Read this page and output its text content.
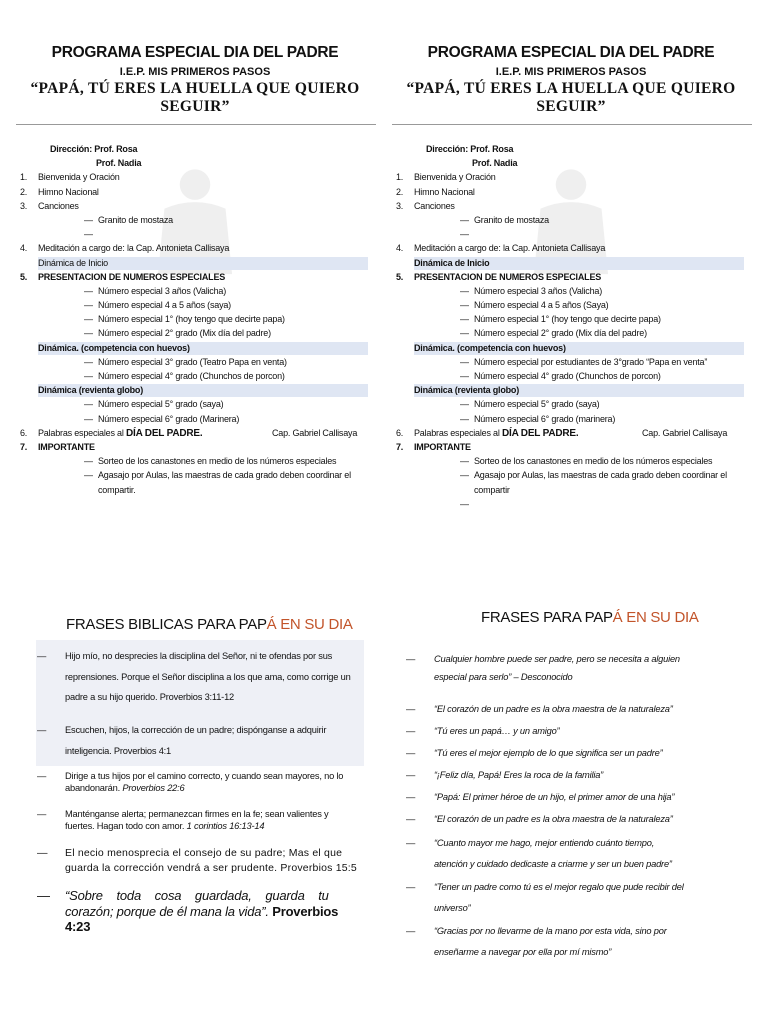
PROGRAMA ESPECIAL DIA DEL PADRE
I.E.P. MIS PRIMEROS PASOS
“PAPÁ, TÚ ERES LA HUELLA QUE QUIERO
SEGUIR”
Dirección: Prof. Rosa
Prof. Nadia
1. Bienvenida y Oración
2. Himno Nacional
3. Canciones
— Granito de mostaza
—
4. Meditación a cargo de: la Cap. Antonieta Callisaya
Dinámica de Inicio
5. PRESENTACION DE NUMEROS ESPECIALES
— Número especial 3 años (Valicha)
— Número especial 4 a 5 años (saya)
— Número especial 1° (hoy tengo que decirte papa)
— Número especial 2° grado (Mix día del padre)
Dinámica. (competencia con huevos)
— Número especial 3° grado (Teatro Papa en venta)
— Número especial 4° grado (Chunchos de porcon)
Dinámica (revienta globo)
— Número especial 5° grado (saya)
— Número especial 6° grado (Marinera)
6. Palabras especiales al DÍA DEL PADRE.	Cap. Gabriel Callisaya
7. IMPORTANTE
— Sorteo de los canastones en medio de los números especiales
— Agasajo por Aulas, las maestras de cada grado deben coordinar el
compartir.
PROGRAMA ESPECIAL DIA DEL PADRE
I.E.P. MIS PRIMEROS PASOS
“PAPÁ, TÚ ERES LA HUELLA QUE QUIERO
SEGUIR”
Dirección: Prof. Rosa
Prof. Nadia
1. Bienvenida y Oración
2. Himno Nacional
3. Canciones
— Granito de mostaza
—
4. Meditación a cargo de: la Cap. Antonieta Callisaya
Dinámica de Inicio
5. PRESENTACION DE NUMEROS ESPECIALES
— Número especial 3 años (Valicha)
— Número especial 4 a 5 años (Saya)
— Número especial 1° (hoy tengo que decirte papa)
— Número especial 2° grado (Mix día del padre)
Dinámica. (competencia con huevos)
— Número especial por estudiantes de 3°grado “Papa en venta”
— Número especial 4° grado (Chunchos de porcon)
Dinámica (revienta globo)
— Número especial 5° grado (saya)
— Número especial 6° grado (marinera)
6. Palabras especiales al DÍA DEL PADRE.	Cap. Gabriel Callisaya
7. IMPORTANTE
— Sorteo de los canastones en medio de los números especiales
— Agasajo por Aulas, las maestras de cada grado deben coordinar el
compartir
—
FRASES BIBLICAS PARA PAPÁ EN SU DIA
— Hijo mío, no desprecies la disciplina del Señor, ni te ofendas por sus
reprensiones. Porque el Señor disciplina a los que ama, como corrige un
padre a su hijo querido. Proverbios 3:11-12
— Escuchen, hijos, la corrección de un padre; dispónganse a adquirir
inteligencia. Proverbios 4:1
— Dirige a tus hijos por el camino correcto, y cuando sean mayores, no lo
abandonarán. Proverbios 22:6
— Manténganse alerta; permanezcan firmes en la fe; sean valientes y
fuertes. Hagan todo con amor. 1 corintios 16:13-14
— El necio menosprecia el consejo de su padre; Mas el que
guarda la corrección vendrá a ser prudente. Proverbios 15:5
— “Sobre    toda    cosa    guardada,    guarda    tu
corazón; porque de él mana la vida”. Proverbios
4:23
FRASES PARA PAPÁ EN SU DIA
— Cualquier hombre puede ser padre, pero se necesita a alguien
especial para serlo” – Desconocido
— “El corazón de un padre es la obra maestra de la naturaleza”
— “Tú eres un papá… y un amigo”
— “Tú eres el mejor ejemplo de lo que significa ser un padre”
— “¡Feliz día, Papá! Eres la roca de la familia”
— “Papá: El primer héroe de un hijo, el primer amor de una hija”
— “El corazón de un padre es la obra maestra de la naturaleza”
— “Cuanto mayor me hago, mejor entiendo cuánto tiempo,
atención y cuidado dedicaste a criarme y ser un buen padre”
— “Tener un padre como tú es el mejor regalo que pude recibir del
universo”
— “Gracias por no llevarme de la mano por esta vida, sino por
enseñarme a navegar por ella por mí mismo”
